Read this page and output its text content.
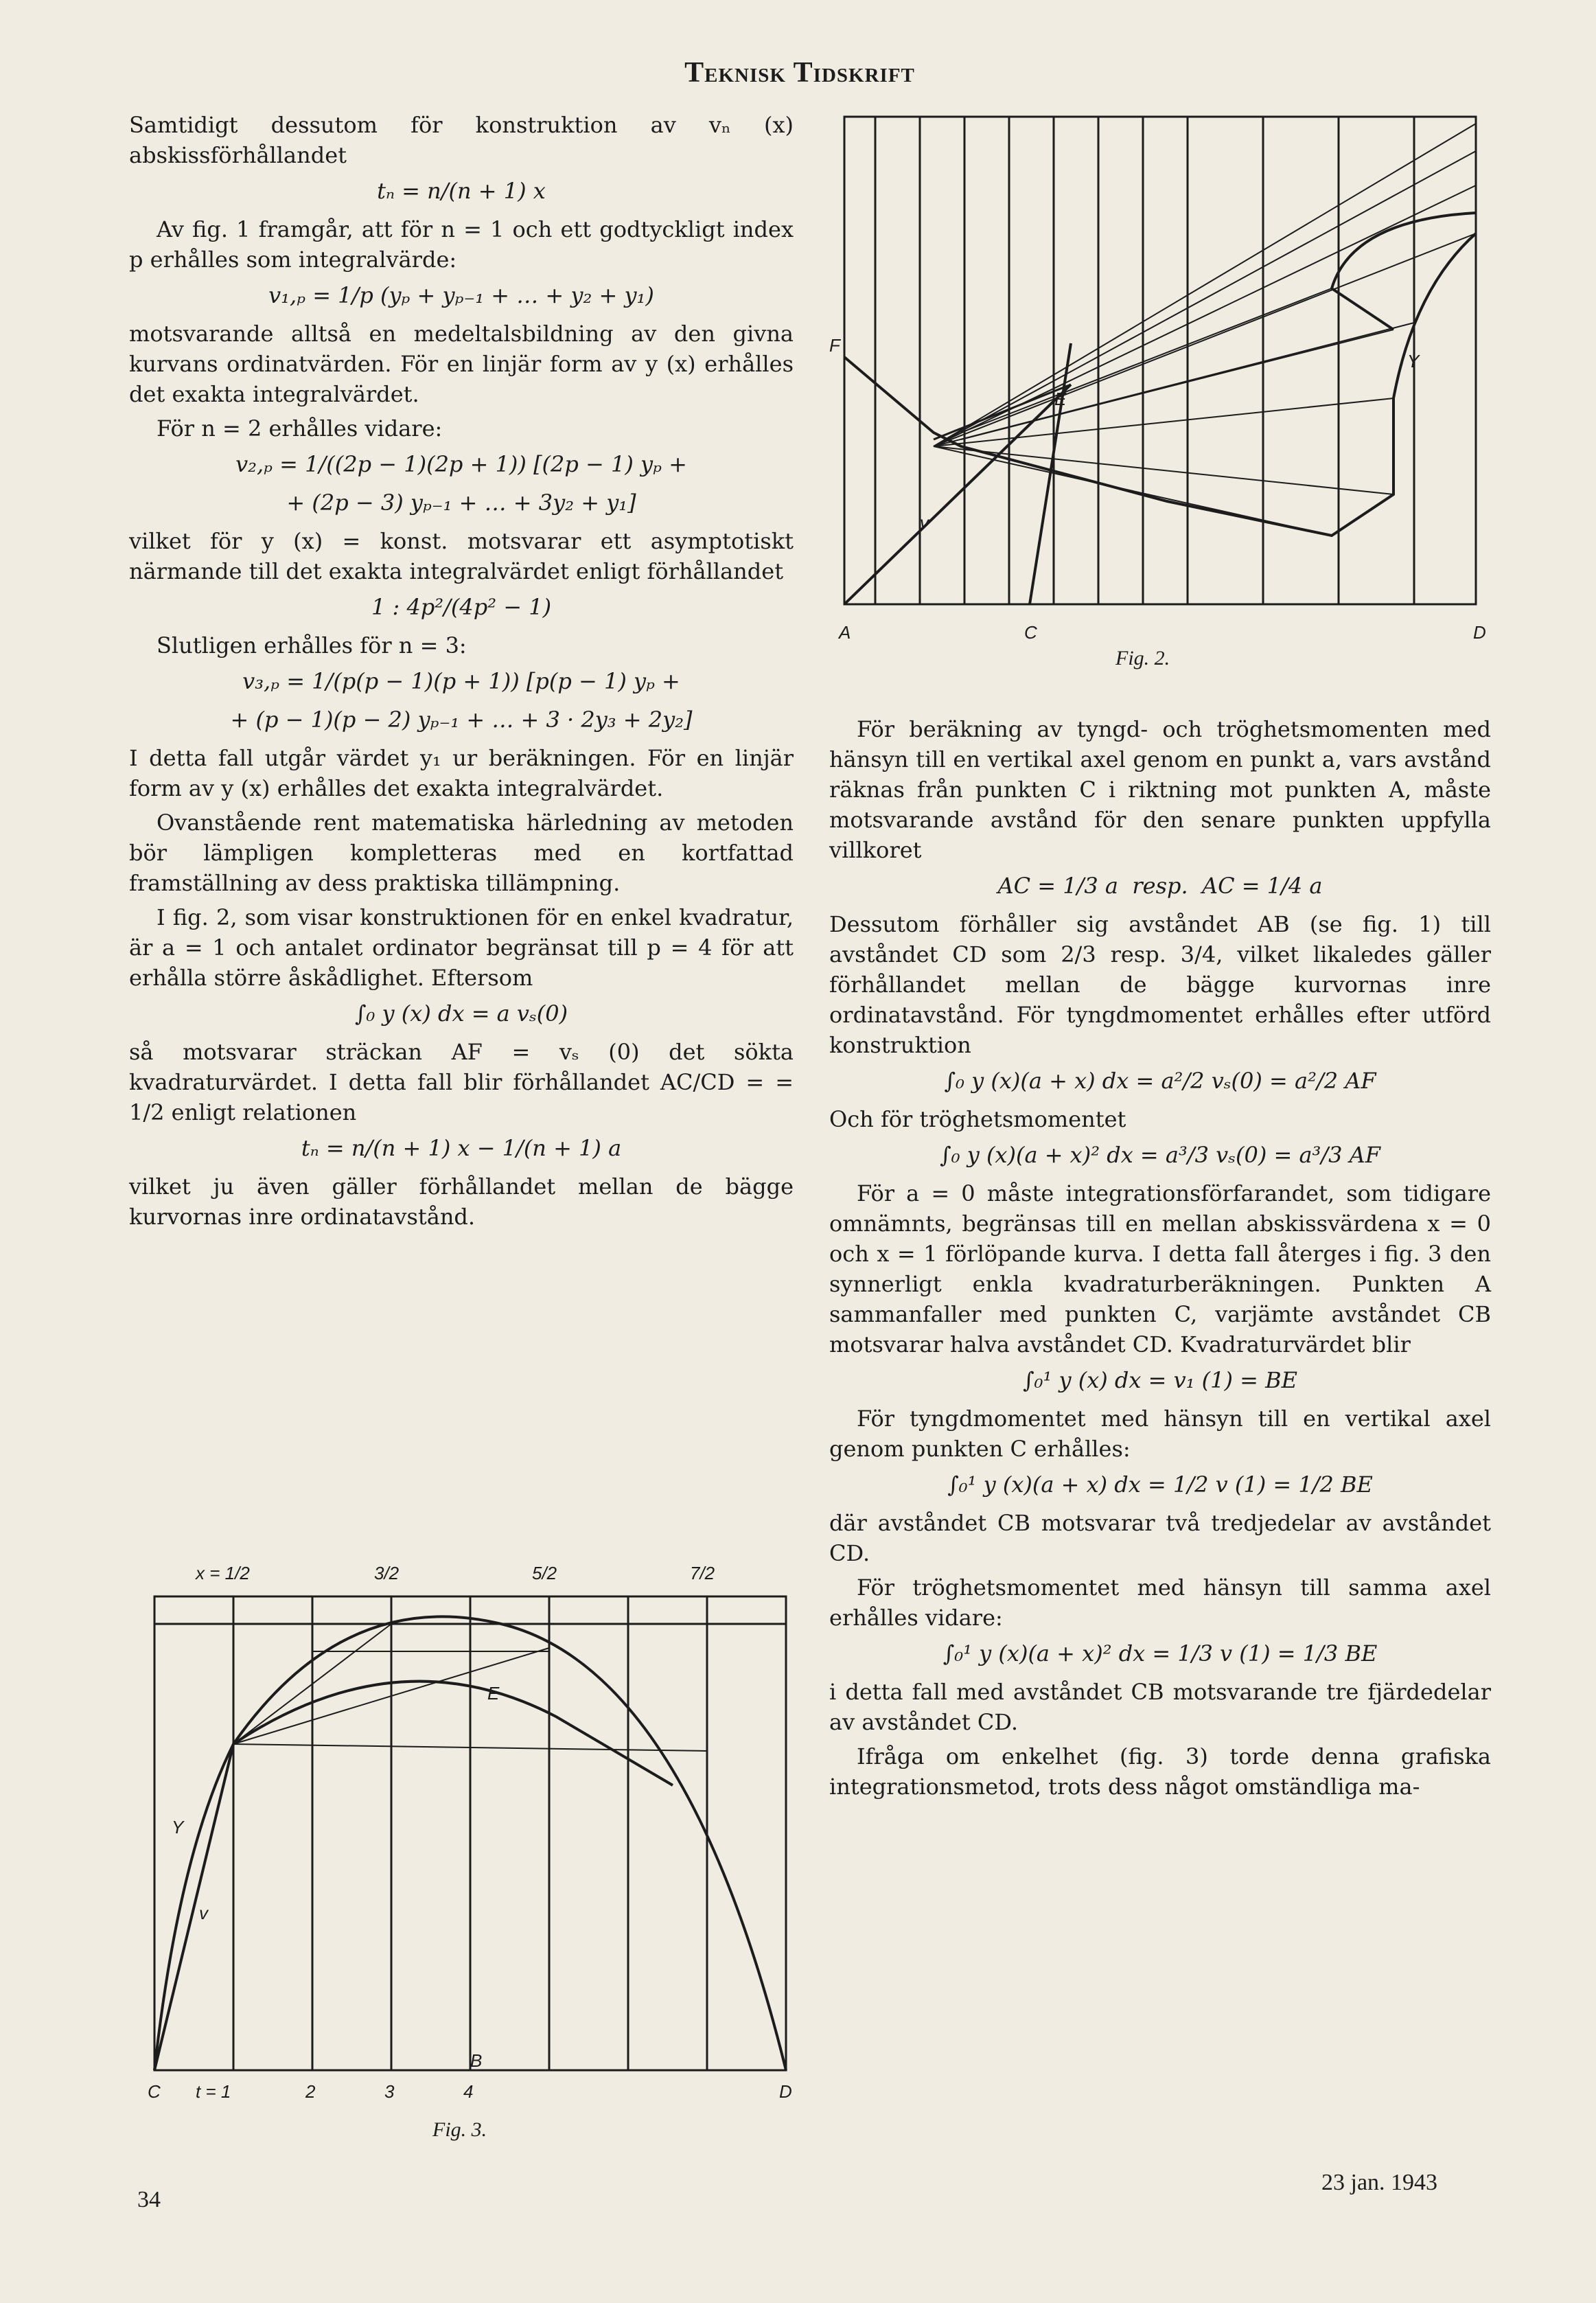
Teknisk Tidskrift

Samtidigt dessutom för konstruktion av vₙ (x) abskissförhållandet

tₙ = n/(n + 1) x

Av fig. 1 framgår, att för n = 1 och ett godtyckligt index p erhålles som integralvärde:

v₁,ₚ = 1/p (yₚ + yₚ₋₁ + … + y₂ + y₁)

motsvarande alltså en medeltalsbildning av den givna kurvans ordinatvärden. För en linjär form av y (x) erhålles det exakta integralvärdet.

För n = 2 erhålles vidare:

v₂,ₚ = 1/((2p − 1)(2p + 1)) [(2p − 1) yₚ +
+ (2p − 3) yₚ₋₁ + … + 3y₂ + y₁]

vilket för y (x) = konst. motsvarar ett asymptotiskt närmande till det exakta integralvärdet enligt förhållandet

1 : 4p²/(4p² − 1)

Slutligen erhålles för n = 3:

v₃,ₚ = 1/(p(p − 1)(p + 1)) [p(p − 1) yₚ +
+ (p − 1)(p − 2) yₚ₋₁ + … + 3 · 2y₃ + 2y₂]

I detta fall utgår värdet y₁ ur beräkningen. För en linjär form av y (x) erhålles det exakta integralvärdet.

Ovanstående rent matematiska härledning av metoden bör lämpligen kompletteras med en kortfattad framställning av dess praktiska tillämpning.

I fig. 2, som visar konstruktionen för en enkel kvadratur, är a = 1 och antalet ordinator begränsat till p = 4 för att erhålla större åskådlighet. Eftersom

∫₀ y (x) dx = a vₛ(0)

så motsvarar sträckan AF = vₛ (0) det sökta kvadraturvärdet. I detta fall blir förhållandet AC/CD = = 1/2 enligt relationen

tₙ = n/(n + 1) x − 1/(n + 1) a

vilket ju även gäller förhållandet mellan de bägge kurvornas inre ordinatavstånd.

F
A	C	D
E
Y
v
Fig. 2.
x = 1/2	3/2	5/2	7/2
E
B
Y
v
C t = 1	2	3	4	D
Fig. 3.

För beräkning av tyngd- och tröghetsmomenten med hänsyn till en vertikal axel genom en punkt a, vars avstånd räknas från punkten C i riktning mot punkten A, måste motsvarande avstånd för den senare punkten uppfylla villkoret

AC = 1/3 a  resp.  AC = 1/4 a

Dessutom förhåller sig avståndet AB (se fig. 1) till avståndet CD som 2/3 resp. 3/4, vilket likaledes gäller förhållandet mellan de bägge kurvornas inre ordinatavstånd. För tyngdmomentet erhålles efter utförd konstruktion

∫₀ y (x)(a + x) dx = a²/2 vₛ(0) = a²/2 AF

Och för tröghetsmomentet

∫₀ y (x)(a + x)² dx = a³/3 vₛ(0) = a³/3 AF

För a = 0 måste integrationsförfarandet, som tidigare omnämnts, begränsas till en mellan abskissvärdena x = 0 och x = 1 förlöpande kurva. I detta fall återges i fig. 3 den synnerligt enkla kvadraturberäkningen. Punkten A sammanfaller med punkten C, varjämte avståndet CB motsvarar halva avståndet CD. Kvadraturvärdet blir

∫₀¹ y (x) dx = v₁ (1) = BE

För tyngdmomentet med hänsyn till en vertikal axel genom punkten C erhålles:

∫₀¹ y (x)(a + x) dx = 1/2 v (1) = 1/2 BE

där avståndet CB motsvarar två tredjedelar av avståndet CD.

För tröghetsmomentet med hänsyn till samma axel erhålles vidare:

∫₀¹ y (x)(a + x)² dx = 1/3 v (1) = 1/3 BE

i detta fall med avståndet CB motsvarande tre fjärdedelar av avståndet CD.

Ifråga om enkelhet (fig. 3) torde denna grafiska integrationsmetod, trots dess något omständliga ma-

34
23 jan. 1943
